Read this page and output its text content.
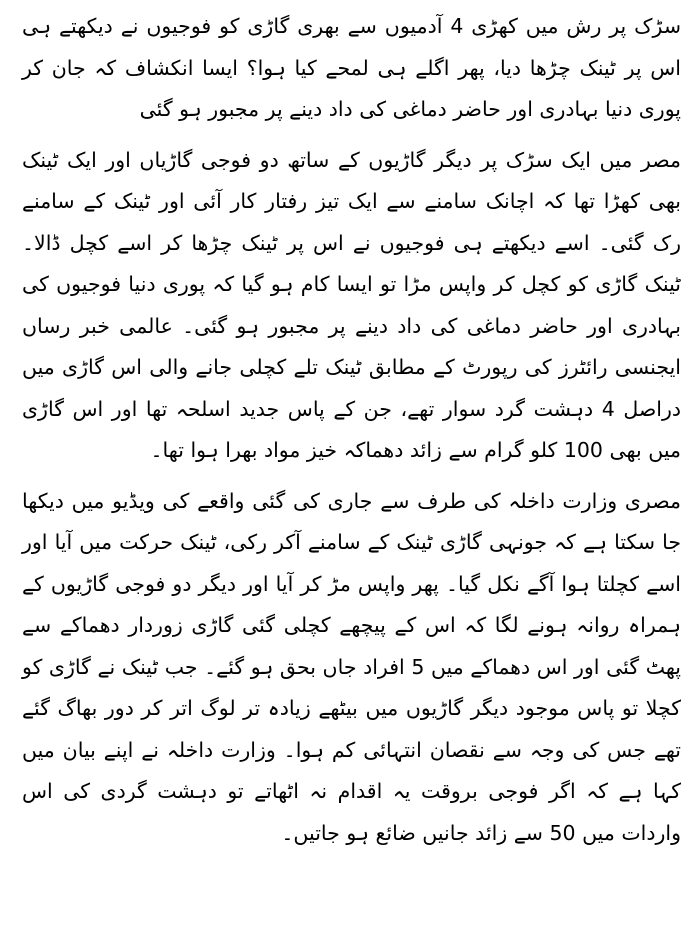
سڑک پر رش میں کھڑی 4 آدمیوں سے بھری گاڑی کو فوجیوں نے دیکھتے ہی اس پر ٹینک چڑھا دیا، پھر اگلے ہی لمحے کیا ہوا؟ ایسا انکشاف کہ جان کر پوری دنیا بہادری اور حاضر دماغی کی داد دینے پر مجبور ہو گئی

مصر میں ایک سڑک پر دیگر گاڑیوں کے ساتھ دو فوجی گاڑیاں اور ایک ٹینک بھی کھڑا تھا کہ اچانک سامنے سے ایک تیز رفتار کار آئی اور ٹینک کے سامنے رک گئی۔ اسے دیکھتے ہی فوجیوں نے اس پر ٹینک چڑھا کر اسے کچل ڈالا۔ ٹینک گاڑی کو کچل کر واپس مڑا تو ایسا کام ہو گیا کہ پوری دنیا فوجیوں کی بہادری اور حاضر دماغی کی داد دینے پر مجبور ہو گئی۔ عالمی خبر رساں ایجنسی رائٹرز کی رپورٹ کے مطابق ٹینک تلے کچلی جانے والی اس گاڑی میں دراصل 4 دہشت گرد سوار تھے، جن کے پاس جدید اسلحہ تھا اور اس گاڑی میں بھی 100 کلو گرام سے زائد دھماکہ خیز مواد بھرا ہوا تھا۔

مصری وزارت داخلہ کی طرف سے جاری کی گئی واقعے کی ویڈیو میں دیکھا جا سکتا ہے کہ جونہی گاڑی ٹینک کے سامنے آکر رکی، ٹینک حرکت میں آیا اور اسے کچلتا ہوا آگے نکل گیا۔ پھر واپس مڑ کر آیا اور دیگر دو فوجی گاڑیوں کے ہمراہ روانہ ہونے لگا کہ اس کے پیچھے کچلی گئی گاڑی زوردار دھماکے سے پھٹ گئی اور اس دھماکے میں 5 افراد جاں بحق ہو گئے۔ جب ٹینک نے گاڑی کو کچلا تو پاس موجود دیگر گاڑیوں میں بیٹھے زیادہ تر لوگ اتر کر دور بھاگ گئے تھے جس کی وجہ سے نقصان انتہائی کم ہوا۔ وزارت داخلہ نے اپنے بیان میں کہا ہے کہ اگر فوجی بروقت یہ اقدام نہ اٹھاتے تو دہشت گردی کی اس واردات میں 50 سے زائد جانیں ضائع ہو جاتیں۔
